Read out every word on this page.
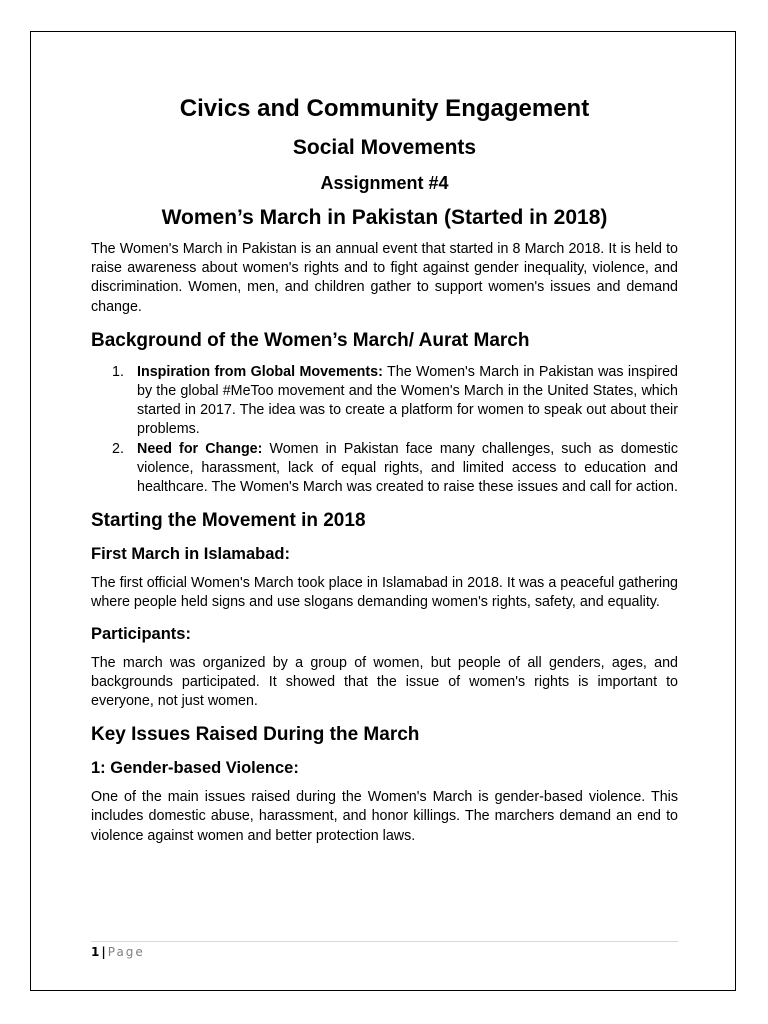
Civics and Community Engagement
Social Movements
Assignment #4
Women’s March in Pakistan (Started in 2018)

The Women's March in Pakistan is an annual event that started in 8 March 2018. It is held to raise awareness about women's rights and to fight against gender inequality, violence, and discrimination. Women, men, and children gather to support women's issues and demand change.

Background of the Women’s March/ Aurat March
1. Inspiration from Global Movements: The Women's March in Pakistan was inspired by the global #MeToo movement and the Women's March in the United States, which started in 2017. The idea was to create a platform for women to speak out about their problems.
2. Need for Change: Women in Pakistan face many challenges, such as domestic violence, harassment, lack of equal rights, and limited access to education and healthcare. The Women's March was created to raise these issues and call for action.
Starting the Movement in 2018
First March in Islamabad:

The first official Women's March took place in Islamabad in 2018. It was a peaceful gathering where people held signs and use slogans demanding women's rights, safety, and equality.

Participants:

The march was organized by a group of women, but people of all genders, ages, and backgrounds participated. It showed that the issue of women's rights is important to everyone, not just women.

Key Issues Raised During the March
1: Gender-based Violence:

One of the main issues raised during the Women's March is gender-based violence. This includes domestic abuse, harassment, and honor killings. The marchers demand an end to violence against women and better protection laws.

1 | Page
